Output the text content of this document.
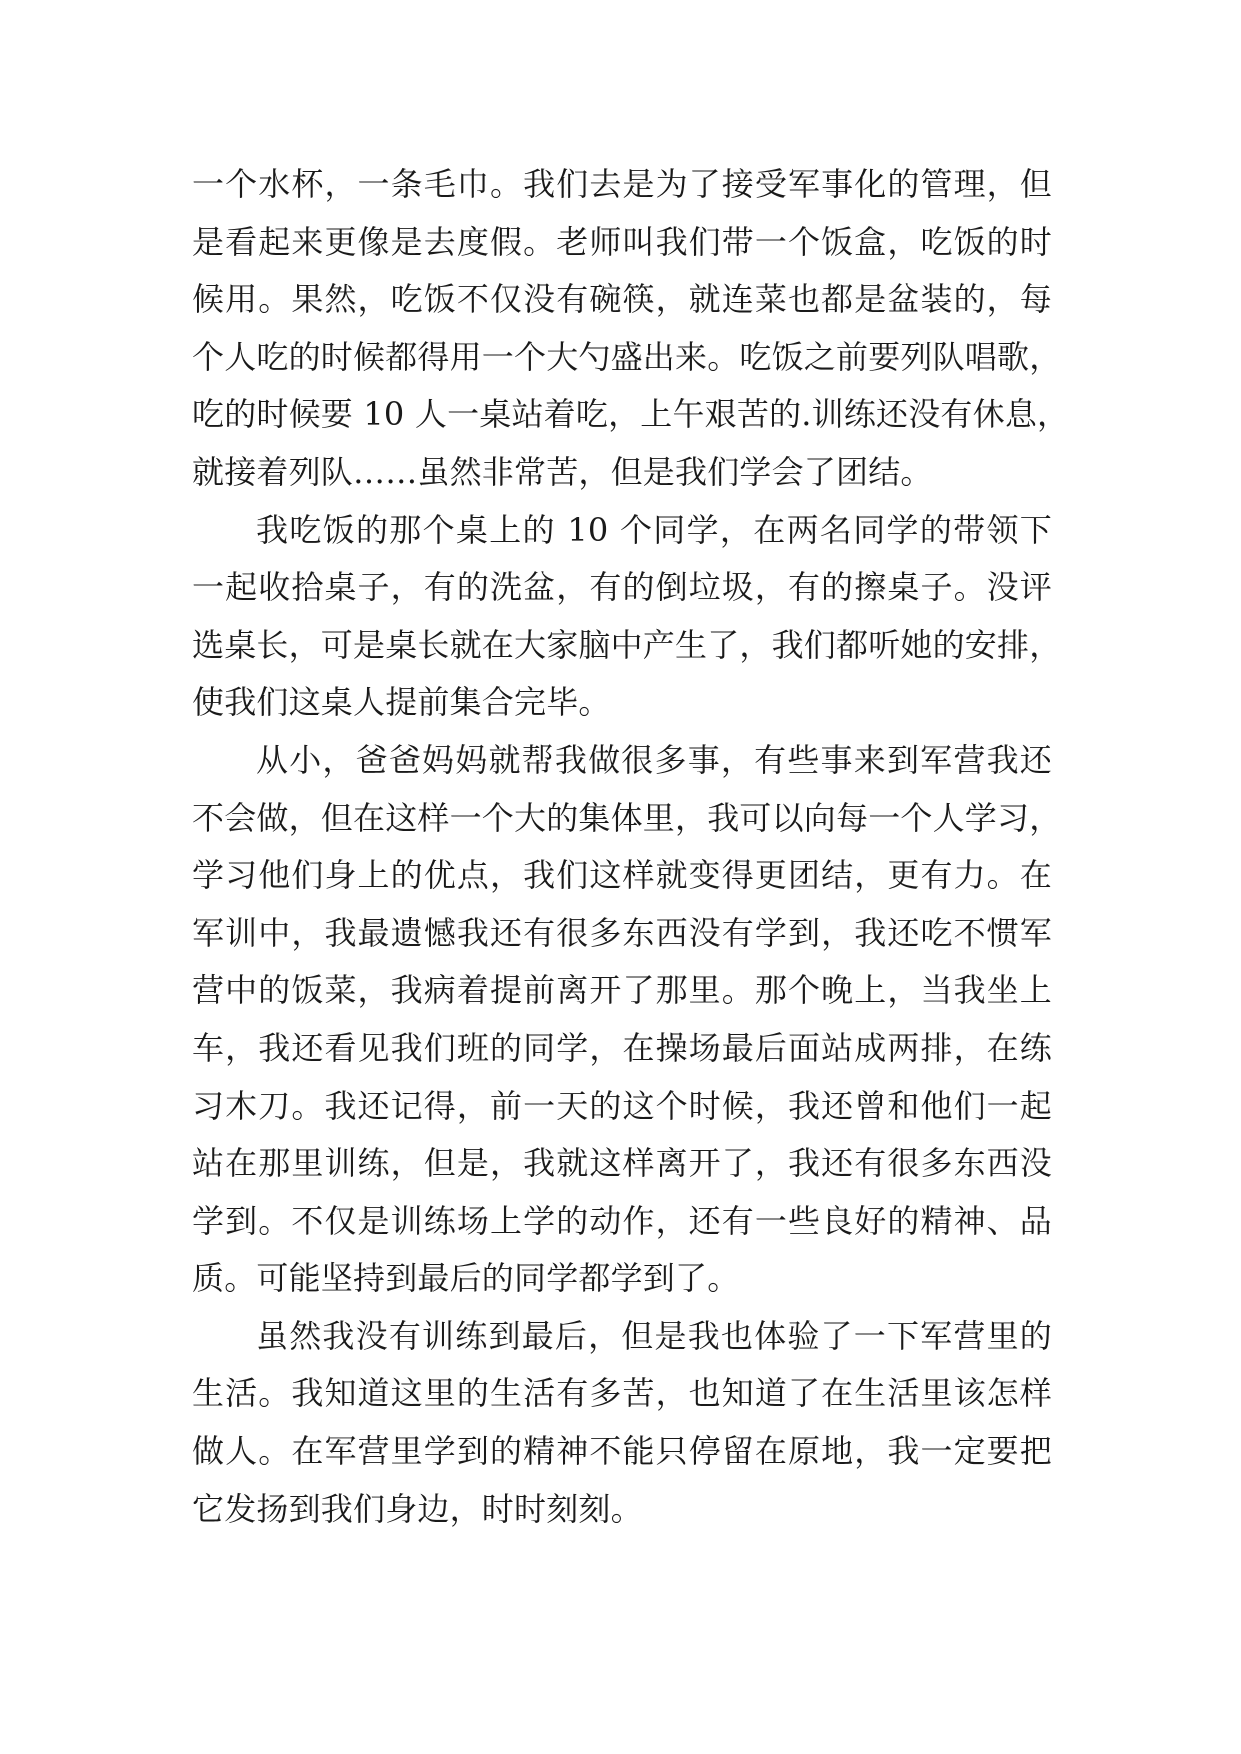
一个水杯，一条毛巾。我们去是为了接受军事化的管理，但
是看起来更像是去度假。老师叫我们带一个饭盒，吃饭的时
候用。果然，吃饭不仅没有碗筷，就连菜也都是盆装的，每
个人吃的时候都得用一个大勺盛出来。吃饭之前要列队唱歌，
吃的时候要 10 人一桌站着吃，上午艰苦的.训练还没有休息，
就接着列队……虽然非常苦，但是我们学会了团结。
我吃饭的那个桌上的 10 个同学，在两名同学的带领下
一起收拾桌子，有的洗盆，有的倒垃圾，有的擦桌子。没评
选桌长，可是桌长就在大家脑中产生了，我们都听她的安排，
使我们这桌人提前集合完毕。
从小，爸爸妈妈就帮我做很多事，有些事来到军营我还
不会做，但在这样一个大的集体里，我可以向每一个人学习，
学习他们身上的优点，我们这样就变得更团结，更有力。在
军训中，我最遗憾我还有很多东西没有学到，我还吃不惯军
营中的饭菜，我病着提前离开了那里。那个晚上，当我坐上
车，我还看见我们班的同学，在操场最后面站成两排，在练
习木刀。我还记得，前一天的这个时候，我还曾和他们一起
站在那里训练，但是，我就这样离开了，我还有很多东西没
学到。不仅是训练场上学的动作，还有一些良好的精神、品
质。可能坚持到最后的同学都学到了。
虽然我没有训练到最后，但是我也体验了一下军营里的
生活。我知道这里的生活有多苦，也知道了在生活里该怎样
做人。在军营里学到的精神不能只停留在原地，我一定要把
它发扬到我们身边，时时刻刻。
